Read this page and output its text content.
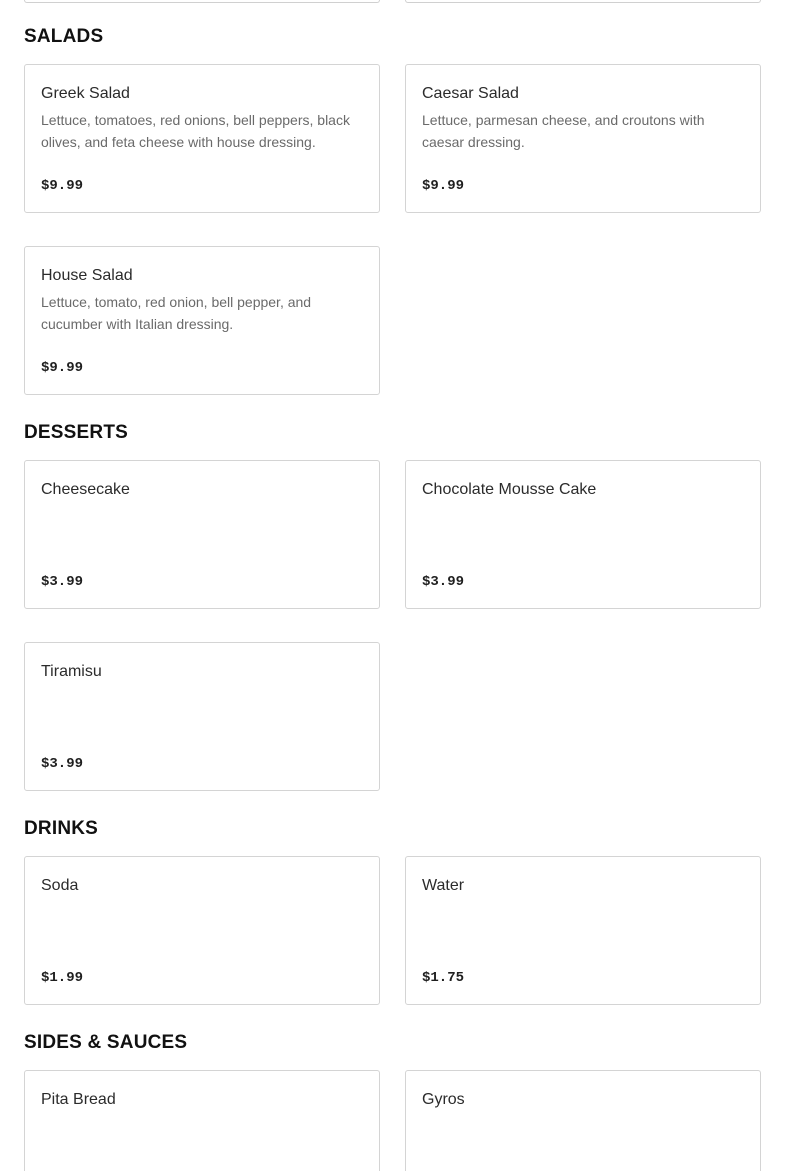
SALADS
Greek Salad
Lettuce, tomatoes, red onions, bell peppers, black olives, and feta cheese with house dressing.
$9.99
Caesar Salad
Lettuce, parmesan cheese, and croutons with caesar dressing.
$9.99
House Salad
Lettuce, tomato, red onion, bell pepper, and cucumber with Italian dressing.
$9.99
DESSERTS
Cheesecake
$3.99
Chocolate Mousse Cake
$3.99
Tiramisu
$3.99
DRINKS
Soda
$1.99
Water
$1.75
SIDES & SAUCES
Pita Bread	Gyros
